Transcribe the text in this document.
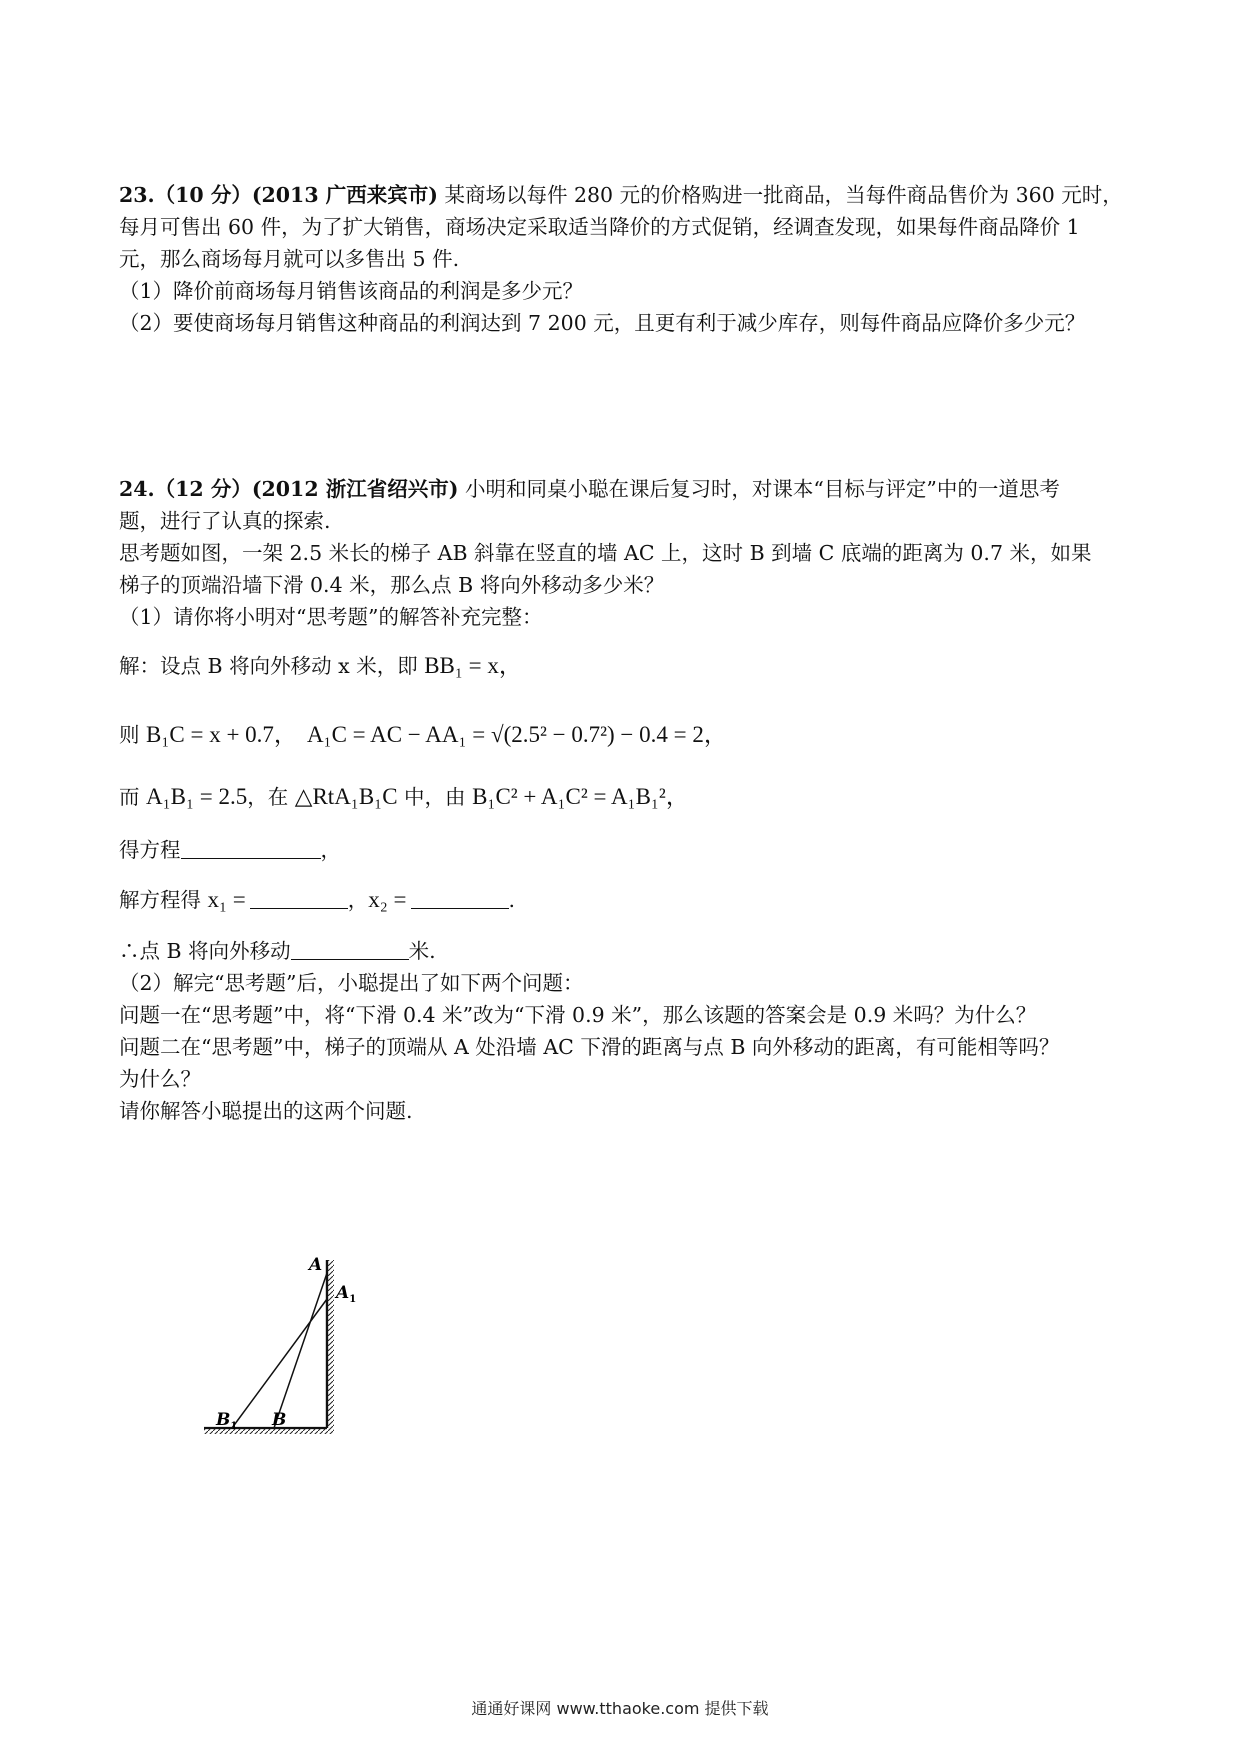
23.（10 分）(2013 广西来宾市) 某商场以每件 280 元的价格购进一批商品，当每件商品售价为 360 元时，
每月可售出 60 件，为了扩大销售，商场决定采取适当降价的方式促销，经调查发现，如果每件商品降价 1
元，那么商场每月就可以多售出 5 件.
（1）降价前商场每月销售该商品的利润是多少元？
（2）要使商场每月销售这种商品的利润达到 7 200 元，且更有利于减少库存，则每件商品应降价多少元？
24.（12 分）(2012 浙江省绍兴市) 小明和同桌小聪在课后复习时，对课本“目标与评定”中的一道思考
题，进行了认真的探索.
思考题如图，一架 2.5 米长的梯子 AB 斜靠在竖直的墙 AC 上，这时 B 到墙 C 底端的距离为 0.7 米，如果
梯子的顶端沿墙下滑 0.4 米，那么点 B 将向外移动多少米？
（1）请你将小明对“思考题”的解答补充完整：
解：设点 B 将向外移动 x 米，即 BB₁ = x，
则 B₁C = x + 0.7， A₁C = AC − AA₁ = √(2.5² − 0.7²) − 0.4 = 2，
而 A₁B₁ = 2.5，在 △RtA₁B₁C 中，由 B₁C² + A₁C² = A₁B₁²，
得方程	，
解方程得 x₁ =	，x₂ =	.
∴点 B 将向外移动	米.
（2）解完“思考题”后，小聪提出了如下两个问题：
问题一在“思考题”中，将“下滑 0.4 米”改为“下滑 0.9 米”，那么该题的答案会是 0.9 米吗？为什么？
问题二在“思考题”中，梯子的顶端从 A 处沿墙 AC 下滑的距离与点 B 向外移动的距离，有可能相等吗？
为什么？
请你解答小聪提出的这两个问题.
A
$A_1$
$B_1$ B
通通好课网 www.tthaoke.com 提供下载
